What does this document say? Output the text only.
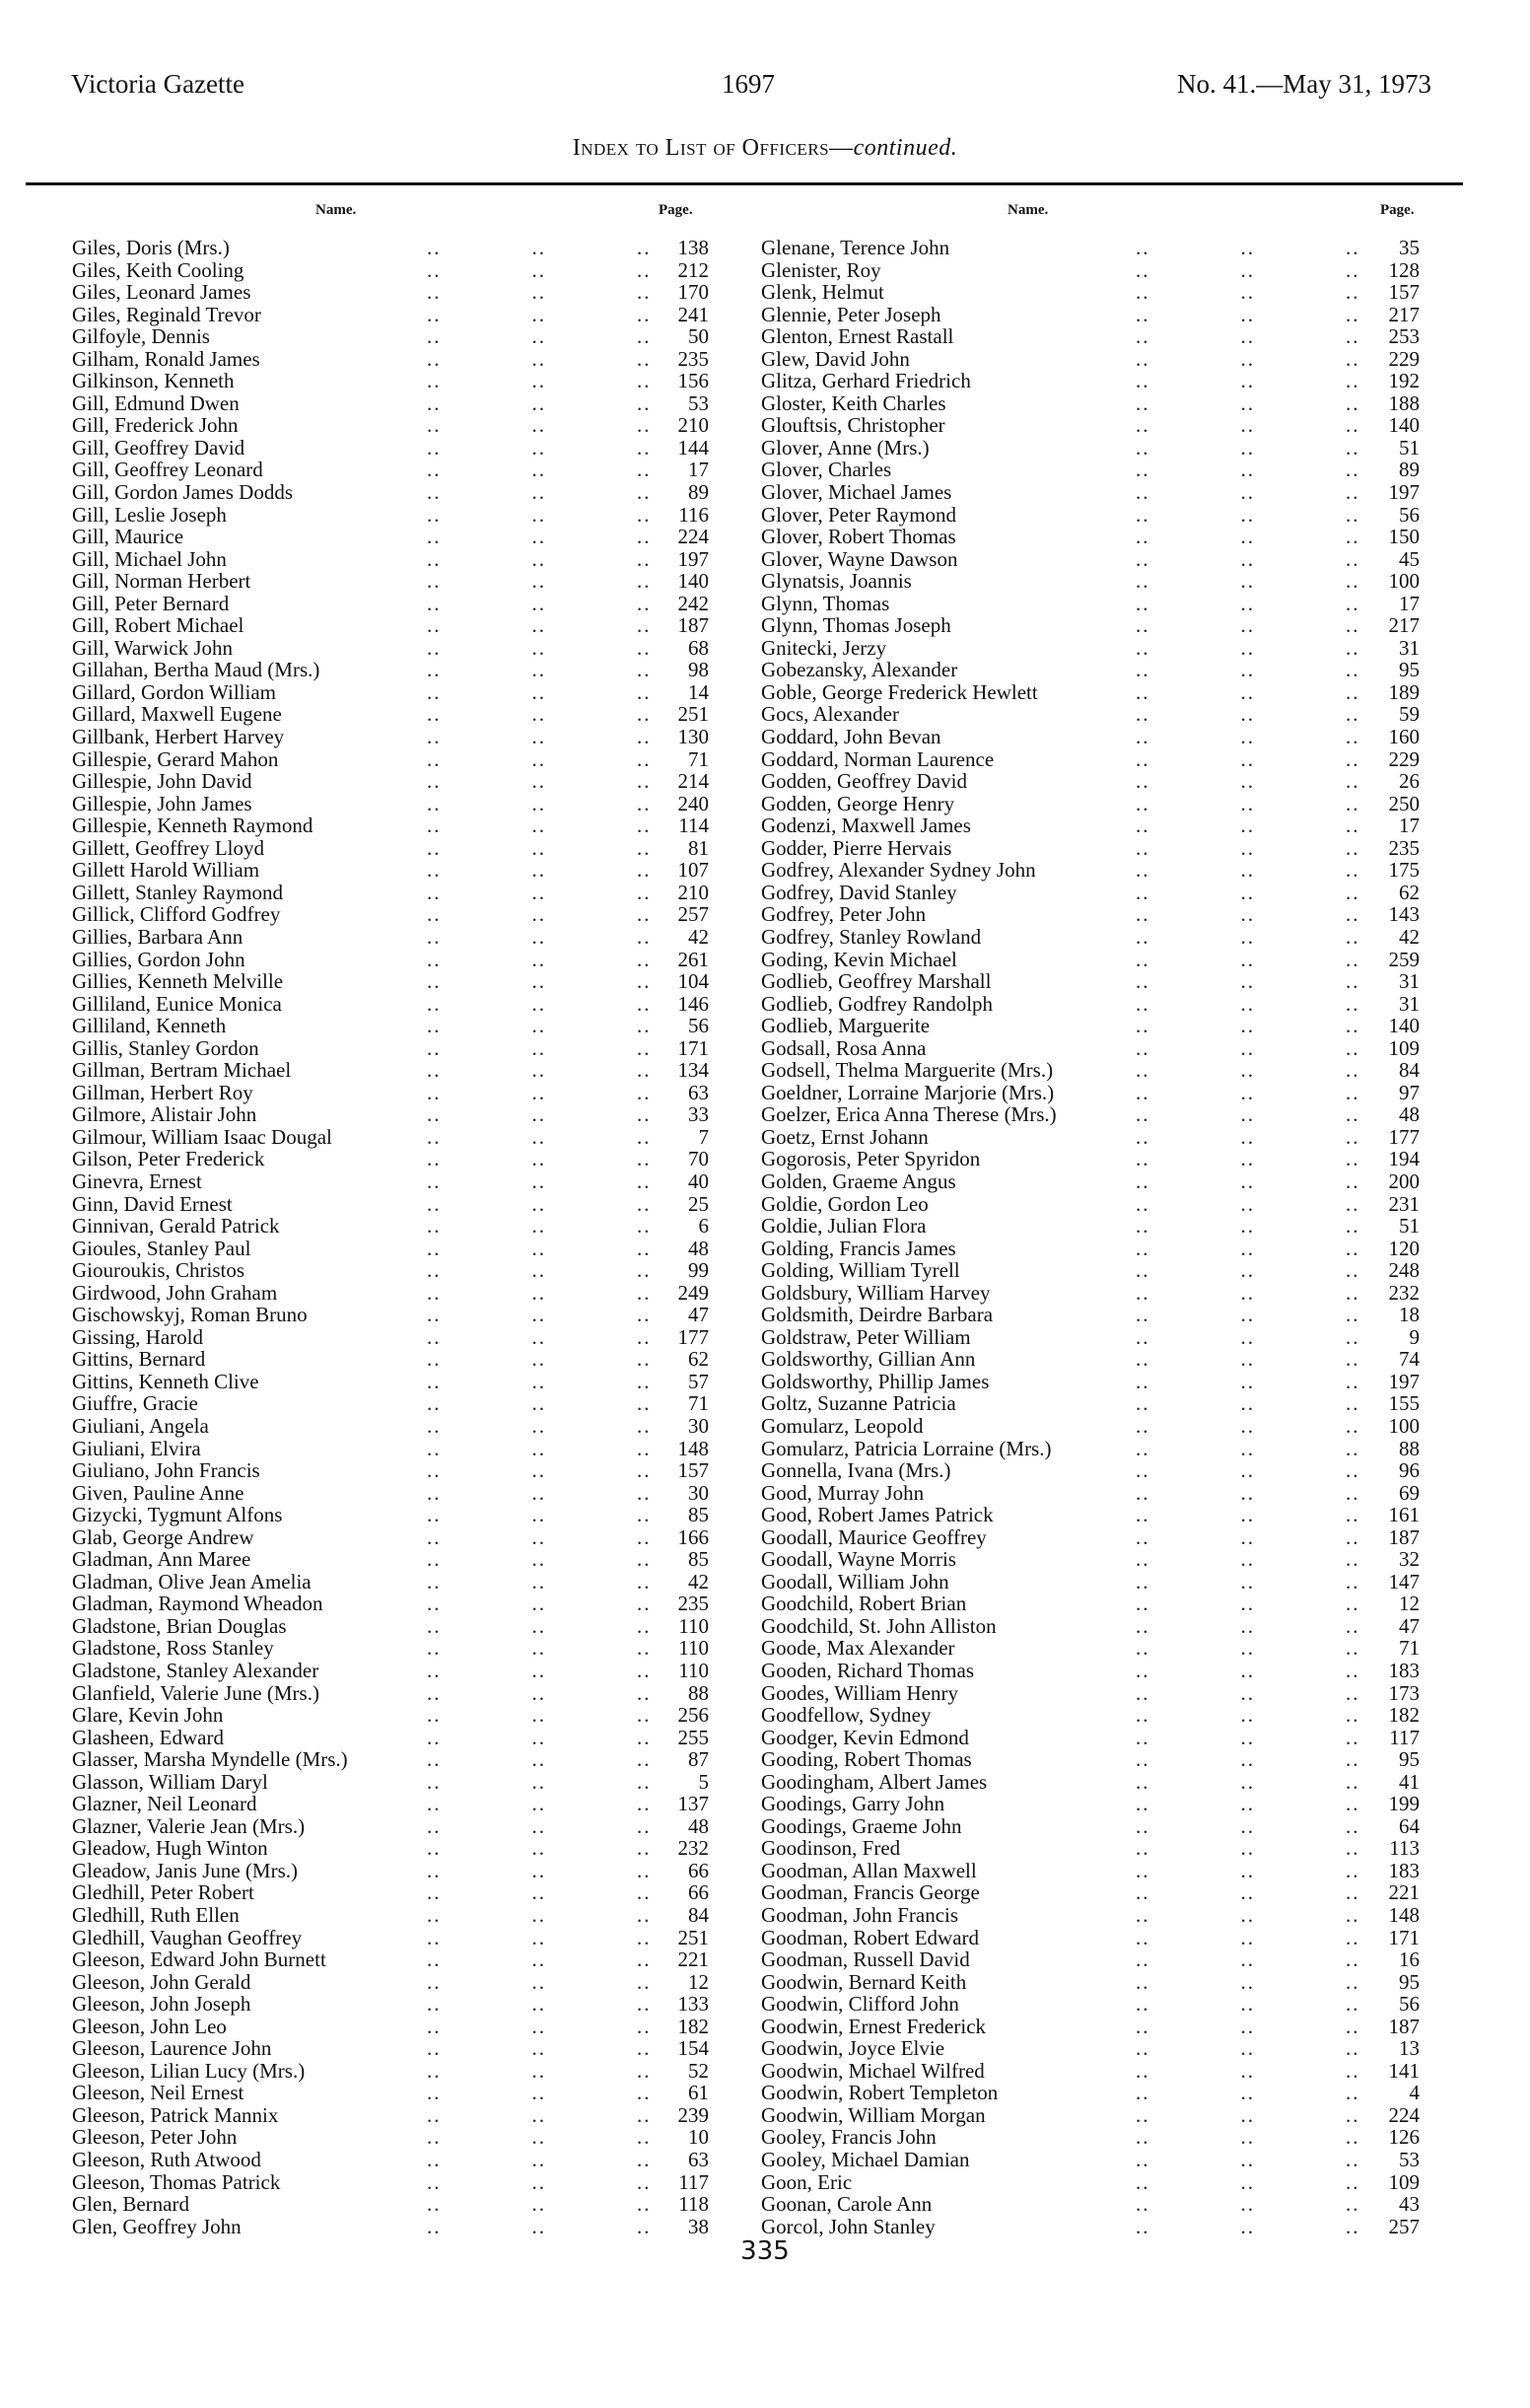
Victoria Gazette	1697	No. 41.—May 31, 1973
Index to List of Officers—continued.
Name.	Page.	Name.	Page.
Giles, Doris (Mrs.)	..    ..    .. 138
Giles, Keith Cooling	..    ..    .. 212
Giles, Leonard James	..    ..    .. 170
Giles, Reginald Trevor	..    ..    .. 241
Gilfoyle, Dennis	..    ..    .. 50
Gilham, Ronald James	..    ..    .. 235
Gilkinson, Kenneth	..    ..    .. 156
Gill, Edmund Dwen	..    ..    .. 53
Gill, Frederick John	..    ..    .. 210
Gill, Geoffrey David	..    ..    .. 144
Gill, Geoffrey Leonard	..    ..    .. 17
Gill, Gordon James Dodds	..    ..    .. 89
Gill, Leslie Joseph	..    ..    .. 116
Gill, Maurice	..    ..    .. 224
Gill, Michael John	..    ..    .. 197
Gill, Norman Herbert	..    ..    .. 140
Gill, Peter Bernard	..    ..    .. 242
Gill, Robert Michael	..    ..    .. 187
Gill, Warwick John	..    ..    .. 68
Gillahan, Bertha Maud (Mrs.)	..    ..    .. 98
Gillard, Gordon William	..    ..    .. 14
Gillard, Maxwell Eugene	..    ..    .. 251
Gillbank, Herbert Harvey	..    ..    .. 130
Gillespie, Gerard Mahon	..    ..    .. 71
Gillespie, John David	..    ..    .. 214
Gillespie, John James	..    ..    .. 240
Gillespie, Kenneth Raymond	..    ..    .. 114
Gillett, Geoffrey Lloyd	..    ..    .. 81
Gillett Harold William	..    ..    .. 107
Gillett, Stanley Raymond	..    ..    .. 210
Gillick, Clifford Godfrey	..    ..    .. 257
Gillies, Barbara Ann	..    ..    .. 42
Gillies, Gordon John	..    ..    .. 261
Gillies, Kenneth Melville	..    ..    .. 104
Gilliland, Eunice Monica	..    ..    .. 146
Gilliland, Kenneth	..    ..    .. 56
Gillis, Stanley Gordon	..    ..    .. 171
Gillman, Bertram Michael	..    ..    .. 134
Gillman, Herbert Roy	..    ..    .. 63
Gilmore, Alistair John	..    ..    .. 33
Gilmour, William Isaac Dougal	..    ..    .. 7
Gilson, Peter Frederick	..    ..    .. 70
Ginevra, Ernest	..    ..    .. 40
Ginn, David Ernest	..    ..    .. 25
Ginnivan, Gerald Patrick	..    ..    .. 6
Gioules, Stanley Paul	..    ..    .. 48
Giouroukis, Christos	..    ..    .. 99
Girdwood, John Graham	..    ..    .. 249
Gischowskyj, Roman Bruno	..    ..    .. 47
Gissing, Harold	..    ..    .. 177
Gittins, Bernard	..    ..    .. 62
Gittins, Kenneth Clive	..    ..    .. 57
Giuffre, Gracie	..    ..    .. 71
Giuliani, Angela	..    ..    .. 30
Giuliani, Elvira	..    ..    .. 148
Giuliano, John Francis	..    ..    .. 157
Given, Pauline Anne	..    ..    .. 30
Gizycki, Tygmunt Alfons	..    ..    .. 85
Glab, George Andrew	..    ..    .. 166
Gladman, Ann Maree	..    ..    .. 85
Gladman, Olive Jean Amelia	..    ..    .. 42
Gladman, Raymond Wheadon	..    ..    .. 235
Gladstone, Brian Douglas	..    ..    .. 110
Gladstone, Ross Stanley	..    ..    .. 110
Gladstone, Stanley Alexander	..    ..    .. 110
Glanfield, Valerie June (Mrs.)	..    ..    .. 88
Glare, Kevin John	..    ..    .. 256
Glasheen, Edward	..    ..    .. 255
Glasser, Marsha Myndelle (Mrs.)	..    ..    .. 87
Glasson, William Daryl	..    ..    .. 5
Glazner, Neil Leonard	..    ..    .. 137
Glazner, Valerie Jean (Mrs.)	..    ..    .. 48
Gleadow, Hugh Winton	..    ..    .. 232
Gleadow, Janis June (Mrs.)	..    ..    .. 66
Gledhill, Peter Robert	..    ..    .. 66
Gledhill, Ruth Ellen	..    ..    .. 84
Gledhill, Vaughan Geoffrey	..    ..    .. 251
Gleeson, Edward John Burnett	..    ..    .. 221
Gleeson, John Gerald	..    ..    .. 12
Gleeson, John Joseph	..    ..    .. 133
Gleeson, John Leo	..    ..    .. 182
Gleeson, Laurence John	..    ..    .. 154
Gleeson, Lilian Lucy (Mrs.)	..    ..    .. 52
Gleeson, Neil Ernest	..    ..    .. 61
Gleeson, Patrick Mannix	..    ..    .. 239
Gleeson, Peter John	..    ..    .. 10
Gleeson, Ruth Atwood	..    ..    .. 63
Gleeson, Thomas Patrick	..    ..    .. 117
Glen, Bernard	..    ..    .. 118
Glen, Geoffrey John	..    ..    .. 38
Glenane, Terence John	..    ..    .. 35
Glenister, Roy	..    ..    .. 128
Glenk, Helmut	..    ..    .. 157
Glennie, Peter Joseph	..    ..    .. 217
Glenton, Ernest Rastall	..    ..    .. 253
Glew, David John	..    ..    .. 229
Glitza, Gerhard Friedrich	..    ..    .. 192
Gloster, Keith Charles	..    ..    .. 188
Glouftsis, Christopher	..    ..    .. 140
Glover, Anne (Mrs.)	..    ..    .. 51
Glover, Charles	..    ..    .. 89
Glover, Michael James	..    ..    .. 197
Glover, Peter Raymond	..    ..    .. 56
Glover, Robert Thomas	..    ..    .. 150
Glover, Wayne Dawson	..    ..    .. 45
Glynatsis, Joannis	..    ..    .. 100
Glynn, Thomas	..    ..    .. 17
Glynn, Thomas Joseph	..    ..    .. 217
Gnitecki, Jerzy	..    ..    .. 31
Gobezansky, Alexander	..    ..    .. 95
Goble, George Frederick Hewlett	..    ..    .. 189
Gocs, Alexander	..    ..    .. 59
Goddard, John Bevan	..    ..    .. 160
Goddard, Norman Laurence	..    ..    .. 229
Godden, Geoffrey David	..    ..    .. 26
Godden, George Henry	..    ..    .. 250
Godenzi, Maxwell James	..    ..    .. 17
Godder, Pierre Hervais	..    ..    .. 235
Godfrey, Alexander Sydney John	..    ..    .. 175
Godfrey, David Stanley	..    ..    .. 62
Godfrey, Peter John	..    ..    .. 143
Godfrey, Stanley Rowland	..    ..    .. 42
Goding, Kevin Michael	..    ..    .. 259
Godlieb, Geoffrey Marshall	..    ..    .. 31
Godlieb, Godfrey Randolph	..    ..    .. 31
Godlieb, Marguerite	..    ..    .. 140
Godsall, Rosa Anna	..    ..    .. 109
Godsell, Thelma Marguerite (Mrs.)	..    ..    .. 84
Goeldner, Lorraine Marjorie (Mrs.)	..    ..    .. 97
Goelzer, Erica Anna Therese (Mrs.)	..    ..    .. 48
Goetz, Ernst Johann	..    ..    .. 177
Gogorosis, Peter Spyridon	..    ..    .. 194
Golden, Graeme Angus	..    ..    .. 200
Goldie, Gordon Leo	..    ..    .. 231
Goldie, Julian Flora	..    ..    .. 51
Golding, Francis James	..    ..    .. 120
Golding, William Tyrell	..    ..    .. 248
Goldsbury, William Harvey	..    ..    .. 232
Goldsmith, Deirdre Barbara	..    ..    .. 18
Goldstraw, Peter William	..    ..    .. 9
Goldsworthy, Gillian Ann	..    ..    .. 74
Goldsworthy, Phillip James	..    ..    .. 197
Goltz, Suzanne Patricia	..    ..    .. 155
Gomularz, Leopold	..    ..    .. 100
Gomularz, Patricia Lorraine (Mrs.)	..    ..    .. 88
Gonnella, Ivana (Mrs.)	..    ..    .. 96
Good, Murray John	..    ..    .. 69
Good, Robert James Patrick	..    ..    .. 161
Goodall, Maurice Geoffrey	..    ..    .. 187
Goodall, Wayne Morris	..    ..    .. 32
Goodall, William John	..    ..    .. 147
Goodchild, Robert Brian	..    ..    .. 12
Goodchild, St. John Alliston	..    ..    .. 47
Goode, Max Alexander	..    ..    .. 71
Gooden, Richard Thomas	..    ..    .. 183
Goodes, William Henry	..    ..    .. 173
Goodfellow, Sydney	..    ..    .. 182
Goodger, Kevin Edmond	..    ..    .. 117
Gooding, Robert Thomas	..    ..    .. 95
Goodingham, Albert James	..    ..    .. 41
Goodings, Garry John	..    ..    .. 199
Goodings, Graeme John	..    ..    .. 64
Goodinson, Fred	..    ..    .. 113
Goodman, Allan Maxwell	..    ..    .. 183
Goodman, Francis George	..    ..    .. 221
Goodman, John Francis	..    ..    .. 148
Goodman, Robert Edward	..    ..    .. 171
Goodman, Russell David	..    ..    .. 16
Goodwin, Bernard Keith	..    ..    .. 95
Goodwin, Clifford John	..    ..    .. 56
Goodwin, Ernest Frederick	..    ..    .. 187
Goodwin, Joyce Elvie	..    ..    .. 13
Goodwin, Michael Wilfred	..    ..    .. 141
Goodwin, Robert Templeton	..    ..    .. 4
Goodwin, William Morgan	..    ..    .. 224
Gooley, Francis John	..    ..    .. 126
Gooley, Michael Damian	..    ..    .. 53
Goon, Eric	..    ..    .. 109
Goonan, Carole Ann	..    ..    .. 43
Gorcol, John Stanley	..    ..    .. 257
335
